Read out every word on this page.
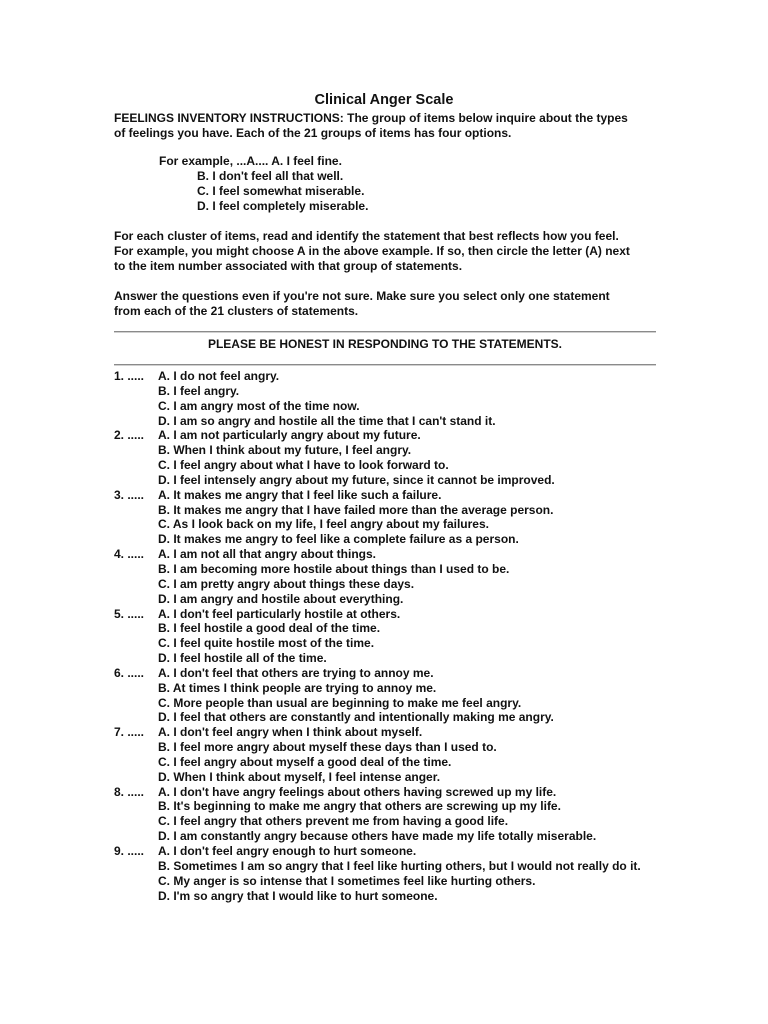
Clinical Anger Scale
FEELINGS INVENTORY INSTRUCTIONS: The group of items below inquire about the types
of feelings you have. Each of the 21 groups of items has four options.
For example, ...A.... A. I feel fine.
B. I don't feel all that well.
C. I feel somewhat miserable.
D. I feel completely miserable.
For each cluster of items, read and identify the statement that best reflects how you feel.
For example, you might choose A in the above example. If so, then circle the letter (A) next
to the item number associated with that group of statements.
Answer the questions even if you're not sure. Make sure you select only one statement
from each of the 21 clusters of statements.
PLEASE BE HONEST IN RESPONDING TO THE STATEMENTS.
1. .....	A. I do not feel angry.
B. I feel angry.
C. I am angry most of the time now.
D. I am so angry and hostile all the time that I can't stand it.
2. .....	A. I am not particularly angry about my future.
B. When I think about my future, I feel angry.
C. I feel angry about what I have to look forward to.
D. I feel intensely angry about my future, since it cannot be improved.
3. .....	A. It makes me angry that I feel like such a failure.
B. It makes me angry that I have failed more than the average person.
C. As I look back on my life, I feel angry about my failures.
D. It makes me angry to feel like a complete failure as a person.
4. .....	A. I am not all that angry about things.
B. I am becoming more hostile about things than I used to be.
C. I am pretty angry about things these days.
D. I am angry and hostile about everything.
5. .....	A. I don't feel particularly hostile at others.
B. I feel hostile a good deal of the time.
C. I feel quite hostile most of the time.
D. I feel hostile all of the time.
6. .....	A. I don't feel that others are trying to annoy me.
B. At times I think people are trying to annoy me.
C. More people than usual are beginning to make me feel angry.
D. I feel that others are constantly and intentionally making me angry.
7. .....	A. I don't feel angry when I think about myself.
B. I feel more angry about myself these days than I used to.
C. I feel angry about myself a good deal of the time.
D. When I think about myself, I feel intense anger.
8. .....	A. I don't have angry feelings about others having screwed up my life.
B. It's beginning to make me angry that others are screwing up my life.
C. I feel angry that others prevent me from having a good life.
D. I am constantly angry because others have made my life totally miserable.
9. .....	A. I don't feel angry enough to hurt someone.
B. Sometimes I am so angry that I feel like hurting others, but I would not really do it.
C. My anger is so intense that I sometimes feel like hurting others.
D. I'm so angry that I would like to hurt someone.
